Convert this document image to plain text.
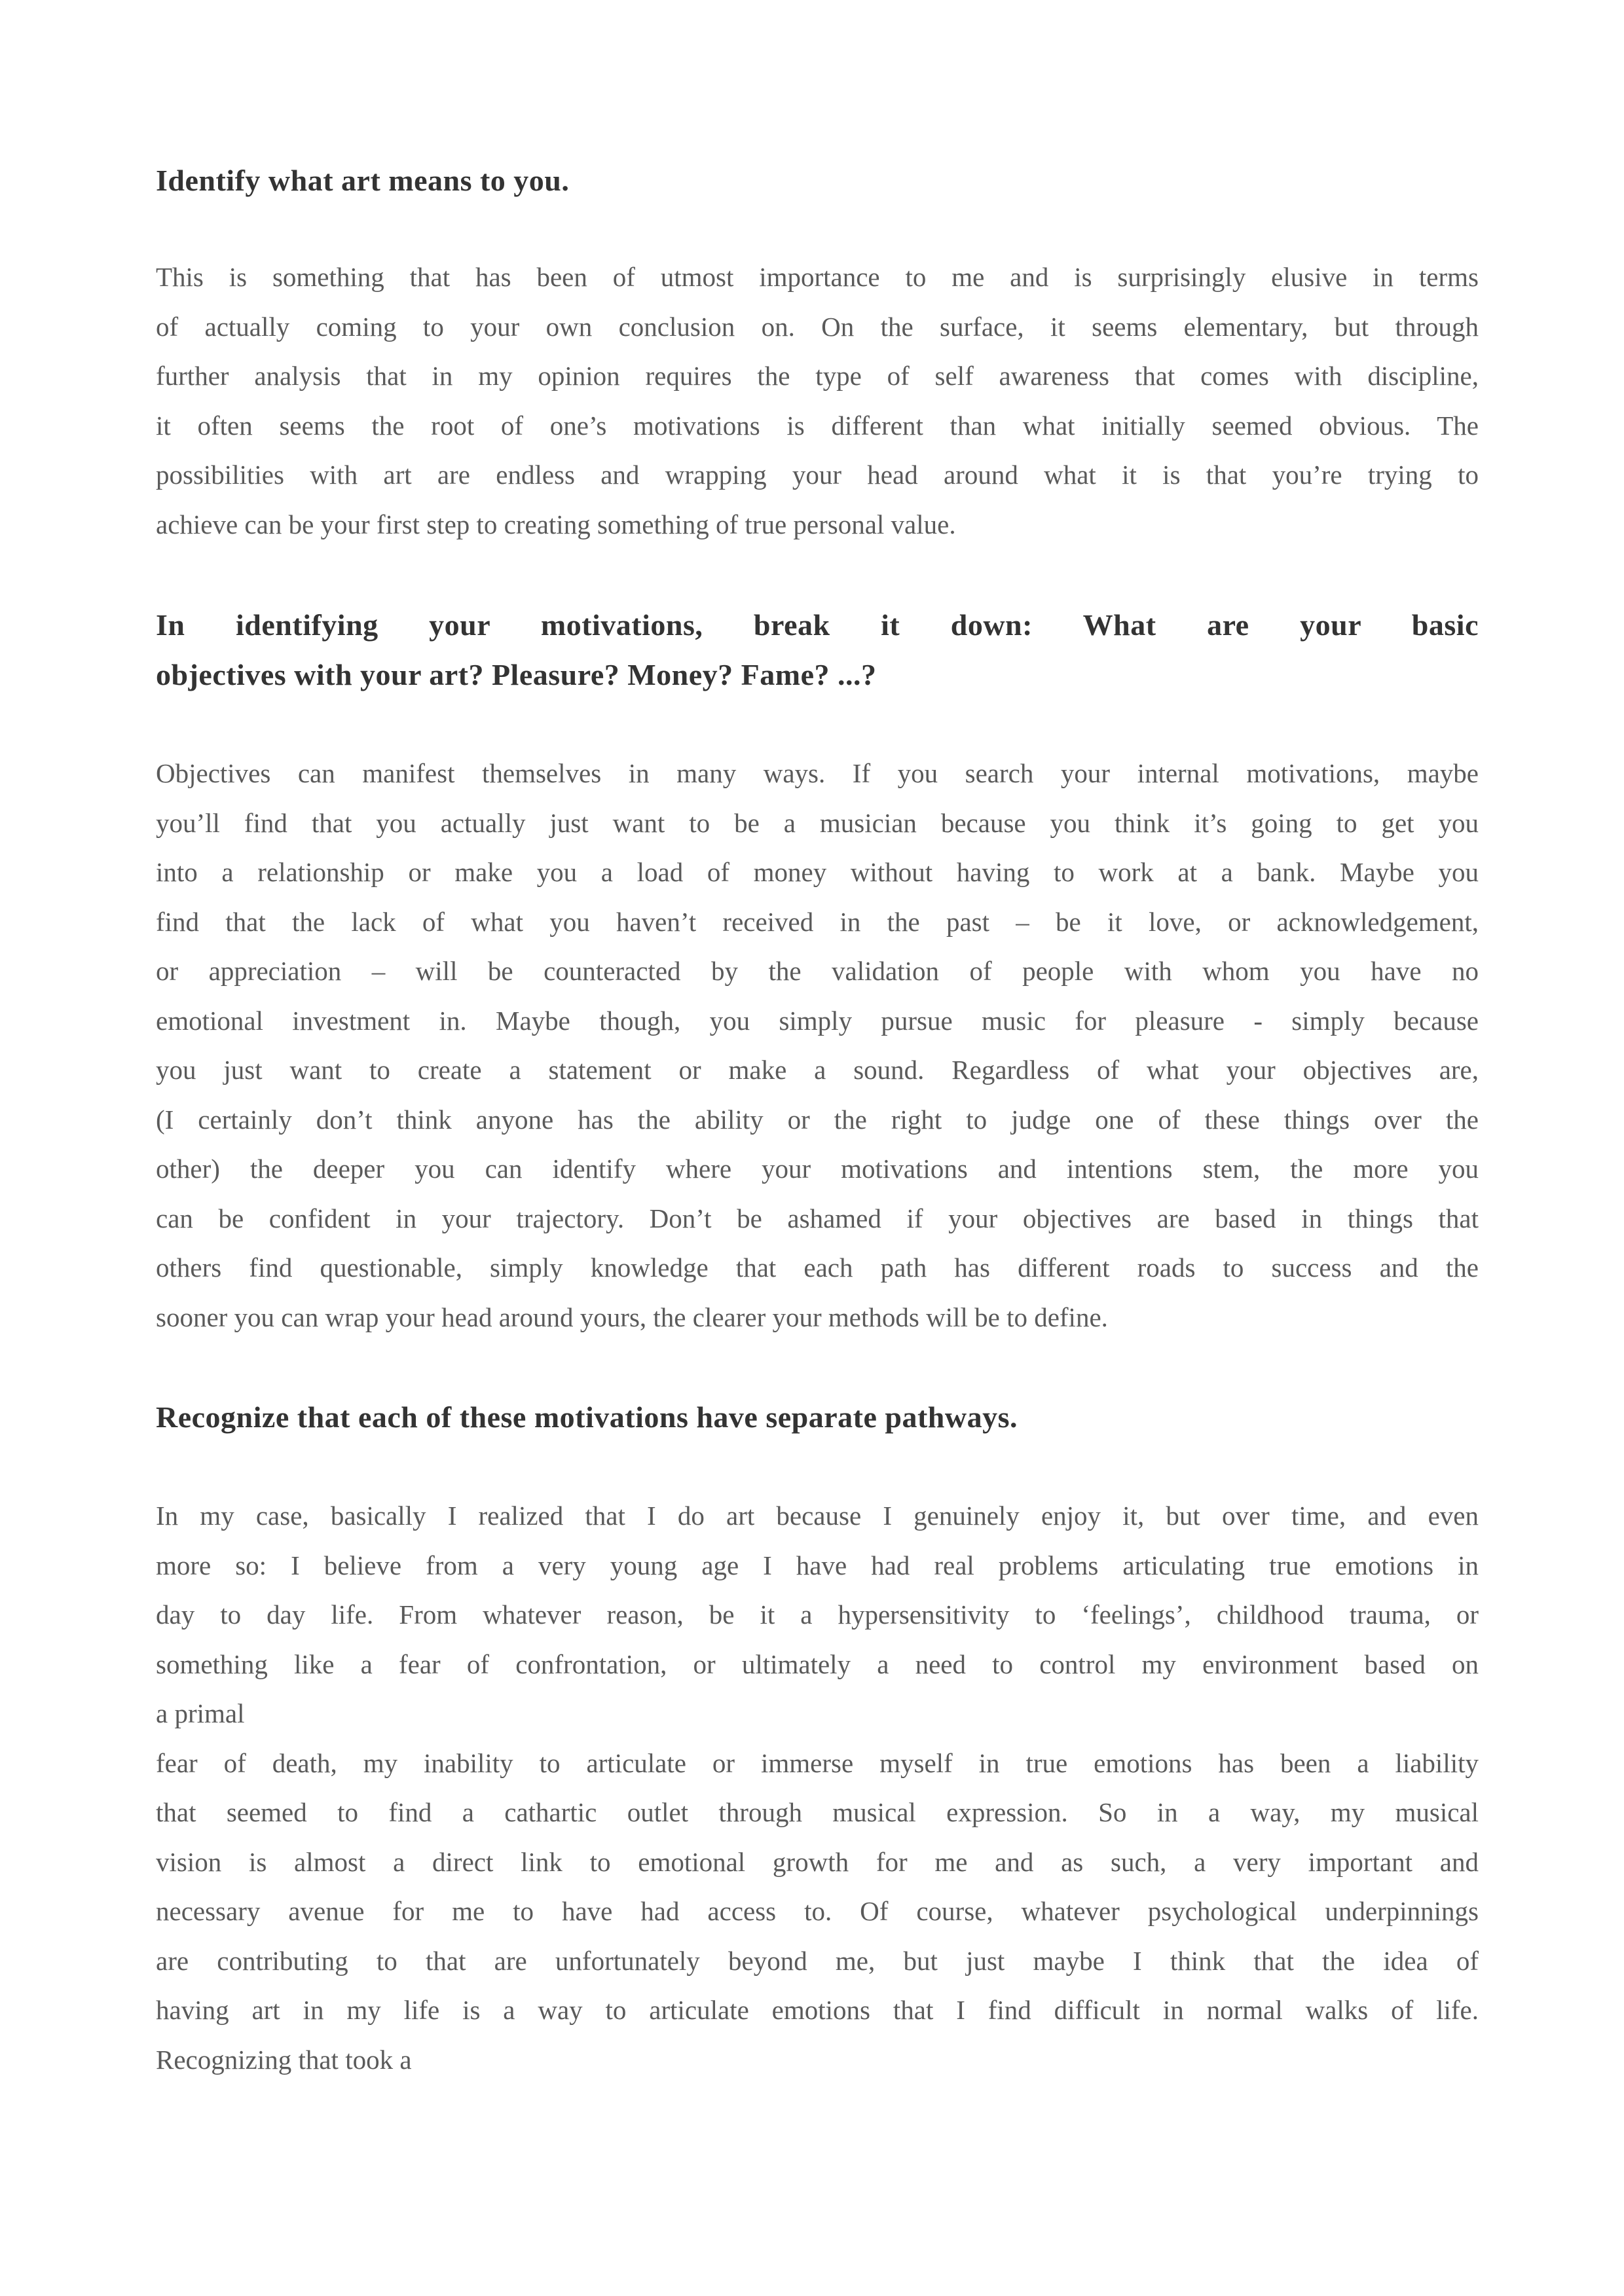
Identify what art means to you.
This is something that has been of utmost importance to me and is surprisingly elusive in terms
of actually coming to your own conclusion on. On the surface, it seems elementary, but through
further analysis that in my opinion requires the type of self awareness that comes with discipline,
it often seems the root of one’s motivations is different than what initially seemed obvious. The
possibilities with art are endless and wrapping your head around what it is that you’re trying to
achieve can be your first step to creating something of true personal value.
In identifying your motivations, break it down: What are your basic
objectives with your art? Pleasure? Money? Fame? ...?
Objectives can manifest themselves in many ways. If you search your internal motivations, maybe
you’ll find that you actually just want to be a musician because you think it’s going to get you
into a relationship or make you a load of money without having to work at a bank. Maybe you
find that the lack of what you haven’t received in the past – be it love, or acknowledgement,
or appreciation – will be counteracted by the validation of people with whom you have no
emotional investment in. Maybe though, you simply pursue music for pleasure - simply because
you just want to create a statement or make a sound. Regardless of what your objectives are,
(I certainly don’t think anyone has the ability or the right to judge one of these things over the
other) the deeper you can identify where your motivations and intentions stem, the more you
can be confident in your trajectory. Don’t be ashamed if your objectives are based in things that
others find questionable, simply knowledge that each path has different roads to success and the
sooner you can wrap your head around yours, the clearer your methods will be to define.
Recognize that each of these motivations have separate pathways.
In my case, basically I realized that I do art because I genuinely enjoy it, but over time, and even
more so: I believe from a very young age I have had real problems articulating true emotions in
day to day life. From whatever reason, be it a hypersensitivity to ‘feelings’, childhood trauma, or
something like a fear of confrontation, or ultimately a need to control my environment based on
a primal
fear of death, my inability to articulate or immerse myself in true emotions has been a liability
that seemed to find a cathartic outlet through musical expression. So in a way, my musical
vision is almost a direct link to emotional growth for me and as such, a very important and
necessary avenue for me to have had access to. Of course, whatever psychological underpinnings
are contributing to that are unfortunately beyond me, but just maybe I think that the idea of
having art in my life is a way to articulate emotions that I find difficult in normal walks of life.
Recognizing that took a
